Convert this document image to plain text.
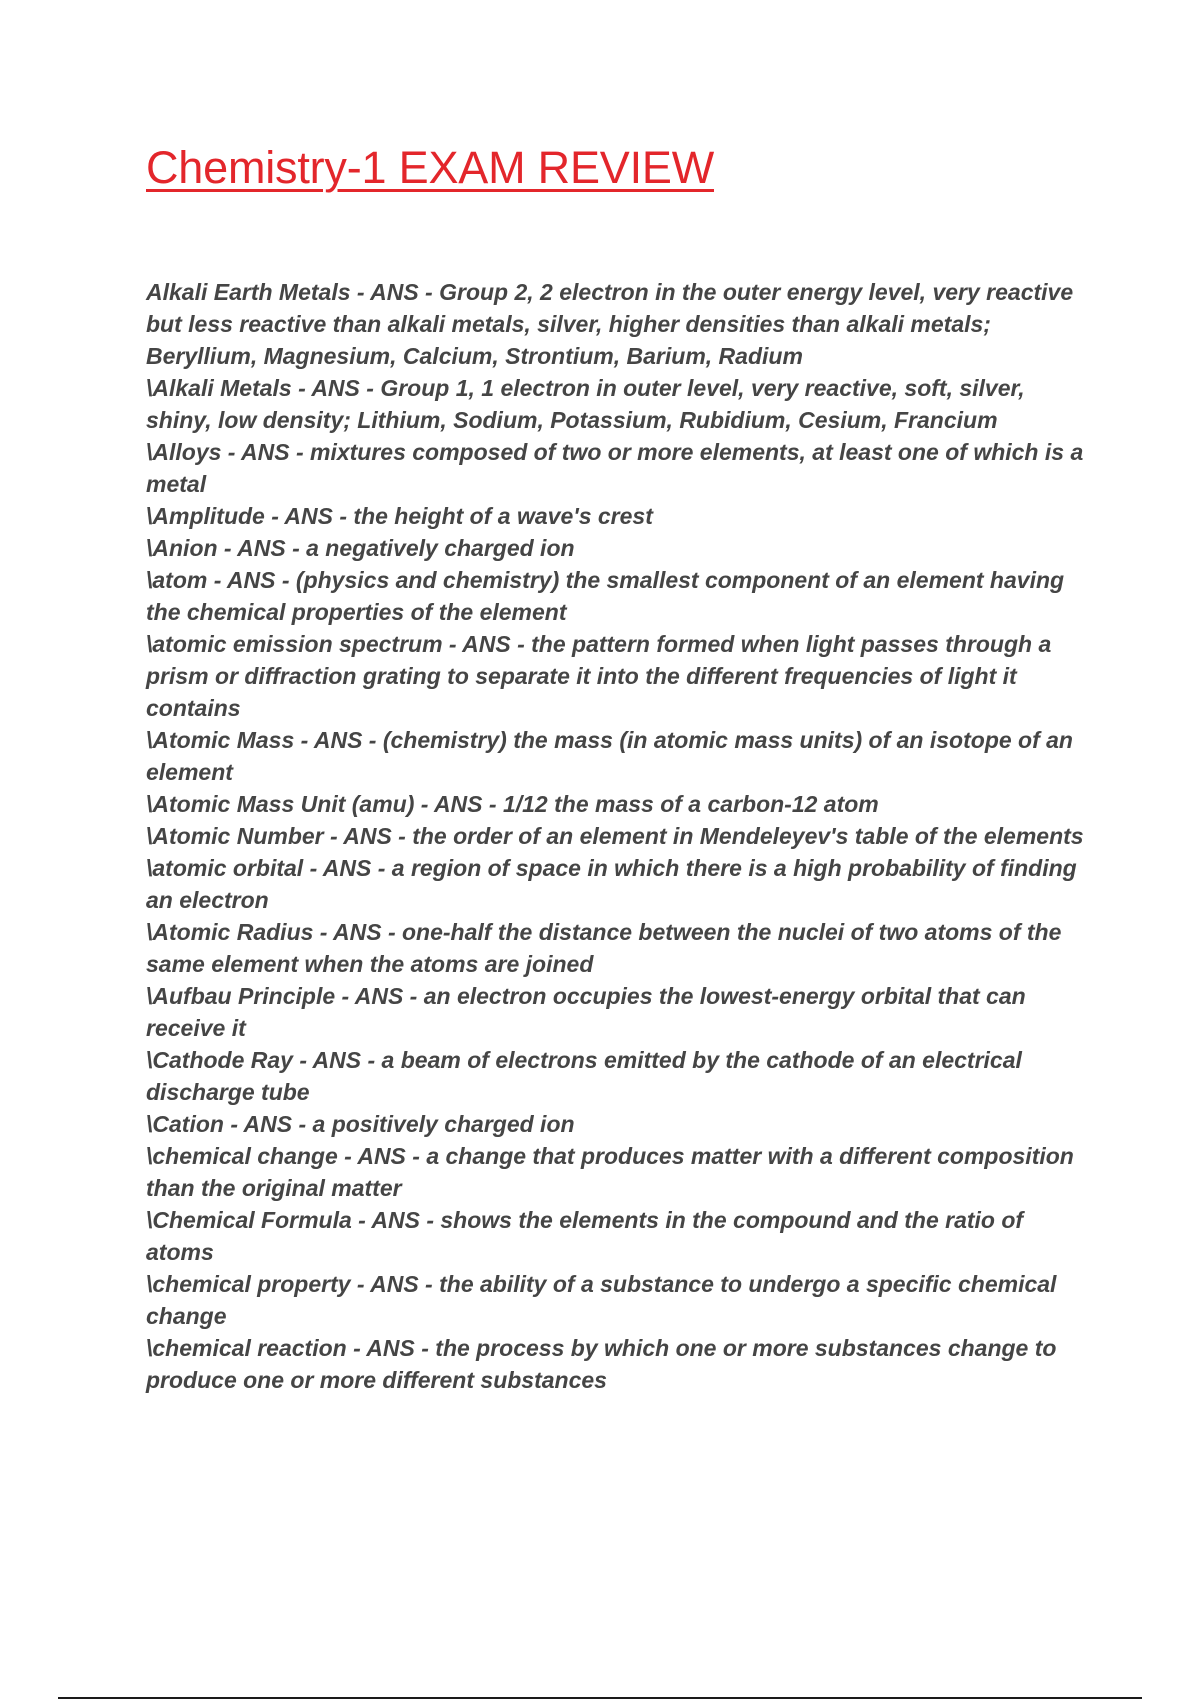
Chemistry-1 EXAM REVIEW
Alkali Earth Metals - ANS - Group 2, 2 electron in the outer energy level, very reactive but less reactive than alkali metals, silver, higher densities than alkali metals; Beryllium, Magnesium, Calcium, Strontium, Barium, Radium
\Alkali Metals - ANS - Group 1, 1 electron in outer level, very reactive, soft, silver, shiny, low density; Lithium, Sodium, Potassium, Rubidium, Cesium, Francium
\Alloys - ANS - mixtures composed of two or more elements, at least one of which is a metal
\Amplitude - ANS - the height of a wave's crest
\Anion - ANS - a negatively charged ion
\atom - ANS - (physics and chemistry) the smallest component of an element having the chemical properties of the element
\atomic emission spectrum - ANS - the pattern formed when light passes through a prism or diffraction grating to separate it into the different frequencies of light it contains
\Atomic Mass - ANS - (chemistry) the mass (in atomic mass units) of an isotope of an element
\Atomic Mass Unit (amu) - ANS - 1/12 the mass of a carbon-12 atom
\Atomic Number - ANS - the order of an element in Mendeleyev's table of the elements
\atomic orbital - ANS - a region of space in which there is a high probability of finding an electron
\Atomic Radius - ANS - one-half the distance between the nuclei of two atoms of the same element when the atoms are joined
\Aufbau Principle - ANS - an electron occupies the lowest-energy orbital that can receive it
\Cathode Ray - ANS - a beam of electrons emitted by the cathode of an electrical discharge tube
\Cation - ANS - a positively charged ion
\chemical change - ANS - a change that produces matter with a different composition than the original matter
\Chemical Formula - ANS - shows the elements in the compound and the ratio of atoms
\chemical property - ANS - the ability of a substance to undergo a specific chemical change
\chemical reaction - ANS - the process by which one or more substances change to produce one or more different substances
